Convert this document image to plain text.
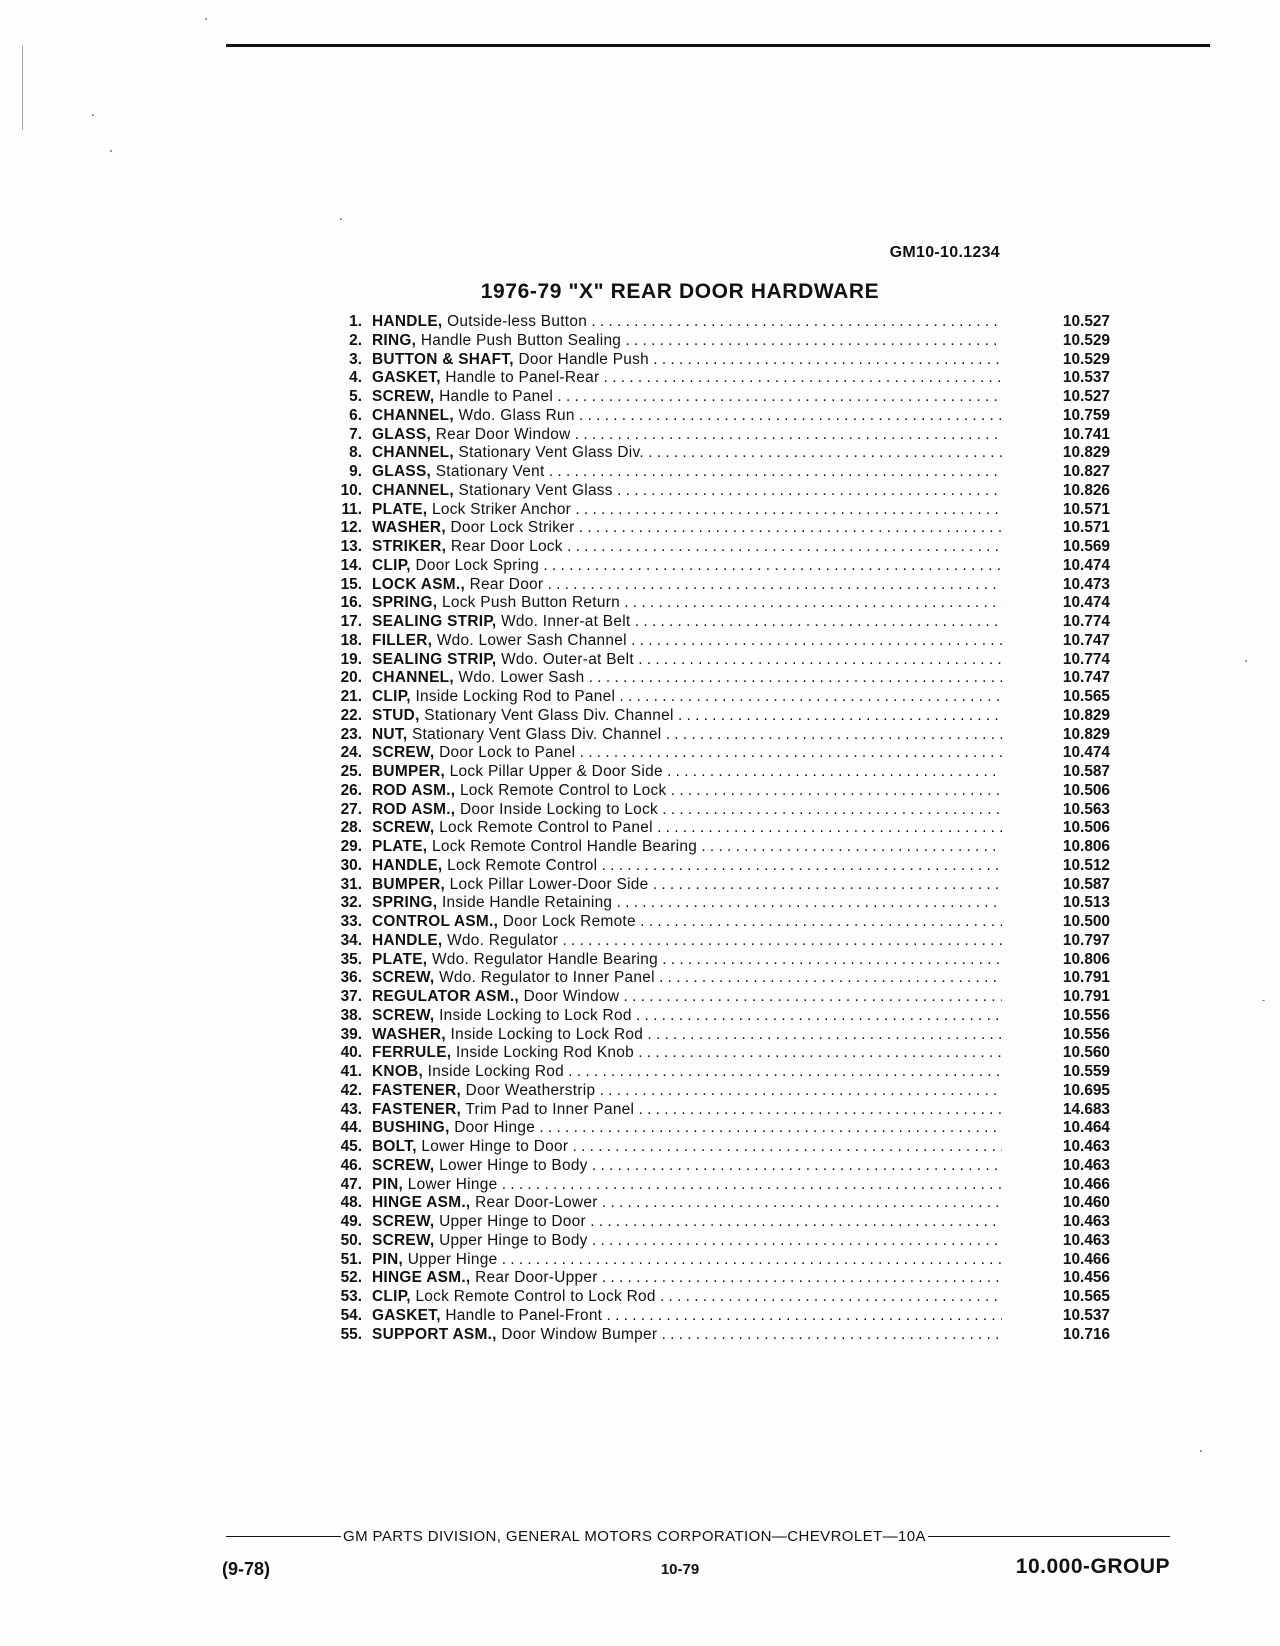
GM10-10.1234
1976-79 "X" REAR DOOR HARDWARE
1. HANDLE, Outside-less Button . . .	10.527
2. RING, Handle Push Button Sealing . . .	10.529
3. BUTTON & SHAFT, Door Handle Push . . .	10.529
4. GASKET, Handle to Panel-Rear . . .	10.537
5. SCREW, Handle to Panel . . .	10.527
6. CHANNEL, Wdo. Glass Run . . .	10.759
7. GLASS, Rear Door Window . . .	10.741
8. CHANNEL, Stationary Vent Glass Div. . . .	10.829
9. GLASS, Stationary Vent . . .	10.827
10. CHANNEL, Stationary Vent Glass . . .	10.826
11. PLATE, Lock Striker Anchor . . .	10.571
12. WASHER, Door Lock Striker . . .	10.571
13. STRIKER, Rear Door Lock . . .	10.569
14. CLIP, Door Lock Spring . . .	10.474
15. LOCK ASM., Rear Door . . .	10.473
16. SPRING, Lock Push Button Return . . .	10.474
17. SEALING STRIP, Wdo. Inner-at Belt . . .	10.774
18. FILLER, Wdo. Lower Sash Channel . . .	10.747
19. SEALING STRIP, Wdo. Outer-at Belt . . .	10.774
20. CHANNEL, Wdo. Lower Sash . . .	10.747
21. CLIP, Inside Locking Rod to Panel . . .	10.565
22. STUD, Stationary Vent Glass Div. Channel . . .	10.829
23. NUT, Stationary Vent Glass Div. Channel . . .	10.829
24. SCREW, Door Lock to Panel . . .	10.474
25. BUMPER, Lock Pillar Upper & Door Side . . .	10.587
26. ROD ASM., Lock Remote Control to Lock . . .	10.506
27. ROD ASM., Door Inside Locking to Lock . . .	10.563
28. SCREW, Lock Remote Control to Panel . . .	10.506
29. PLATE, Lock Remote Control Handle Bearing . . .	10.806
30. HANDLE, Lock Remote Control . . .	10.512
31. BUMPER, Lock Pillar Lower-Door Side . . .	10.587
32. SPRING, Inside Handle Retaining . . .	10.513
33. CONTROL ASM., Door Lock Remote . . .	10.500
34. HANDLE, Wdo. Regulator . . .	10.797
35. PLATE, Wdo. Regulator Handle Bearing . . .	10.806
36. SCREW, Wdo. Regulator to Inner Panel . . .	10.791
37. REGULATOR ASM., Door Window . . .	10.791
38. SCREW, Inside Locking to Lock Rod . . .	10.556
39. WASHER, Inside Locking to Lock Rod . . .	10.556
40. FERRULE, Inside Locking Rod Knob . . .	10.560
41. KNOB, Inside Locking Rod . . .	10.559
42. FASTENER, Door Weatherstrip . . .	10.695
43. FASTENER, Trim Pad to Inner Panel . . .	14.683
44. BUSHING, Door Hinge . . .	10.464
45. BOLT, Lower Hinge to Door . . .	10.463
46. SCREW, Lower Hinge to Body . . .	10.463
47. PIN, Lower Hinge . . .	10.466
48. HINGE ASM., Rear Door-Lower . . .	10.460
49. SCREW, Upper Hinge to Door . . .	10.463
50. SCREW, Upper Hinge to Body . . .	10.463
51. PIN, Upper Hinge . . .	10.466
52. HINGE ASM., Rear Door-Upper . . .	10.456
53. CLIP, Lock Remote Control to Lock Rod . . .	10.565
54. GASKET, Handle to Panel-Front . . .	10.537
55. SUPPORT ASM., Door Window Bumper . . .	10.716
GM PARTS DIVISION, GENERAL MOTORS CORPORATION—CHEVROLET—10A
(9-78)	10-79	10.000-GROUP
